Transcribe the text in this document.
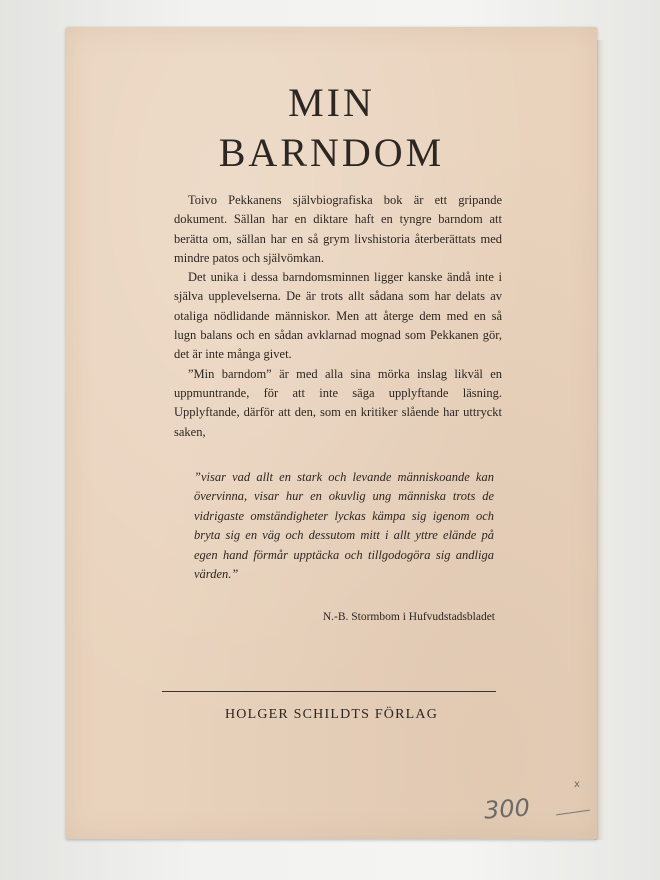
MIN
BARNDOM

Toivo Pekkanens självbiografiska bok är ett gripande dokument. Sällan har en diktare haft en tyngre barndom att berätta om, sällan har en så grym livshistoria återberättats med mindre patos och självömkan.

Det unika i dessa barndomsminnen ligger kanske ändå inte i själva upplevelserna. De är trots allt sådana som har delats av otaliga nödlidande människor. Men att återge dem med en så lugn balans och en sådan avklarnad mognad som Pekkanen gör, det är inte många givet.

”Min barndom” är med alla sina mörka inslag likväl en uppmuntrande, för att inte säga upplyftande läsning. Upplyftande, därför att den, som en kritiker slående har uttryckt saken,

”visar vad allt en stark och levande människoande kan övervinna, visar hur en okuvlig ung människa trots de vidrigaste omständigheter lyckas kämpa sig igenom och bryta sig en väg och dessutom mitt i allt yttre elände på egen hand förmår upptäcka och tillgodogöra sig andliga värden.”

N.-B. Stormbom i Hufvudstadsbladet
HOLGER SCHILDTS FÖRLAG
x
300
